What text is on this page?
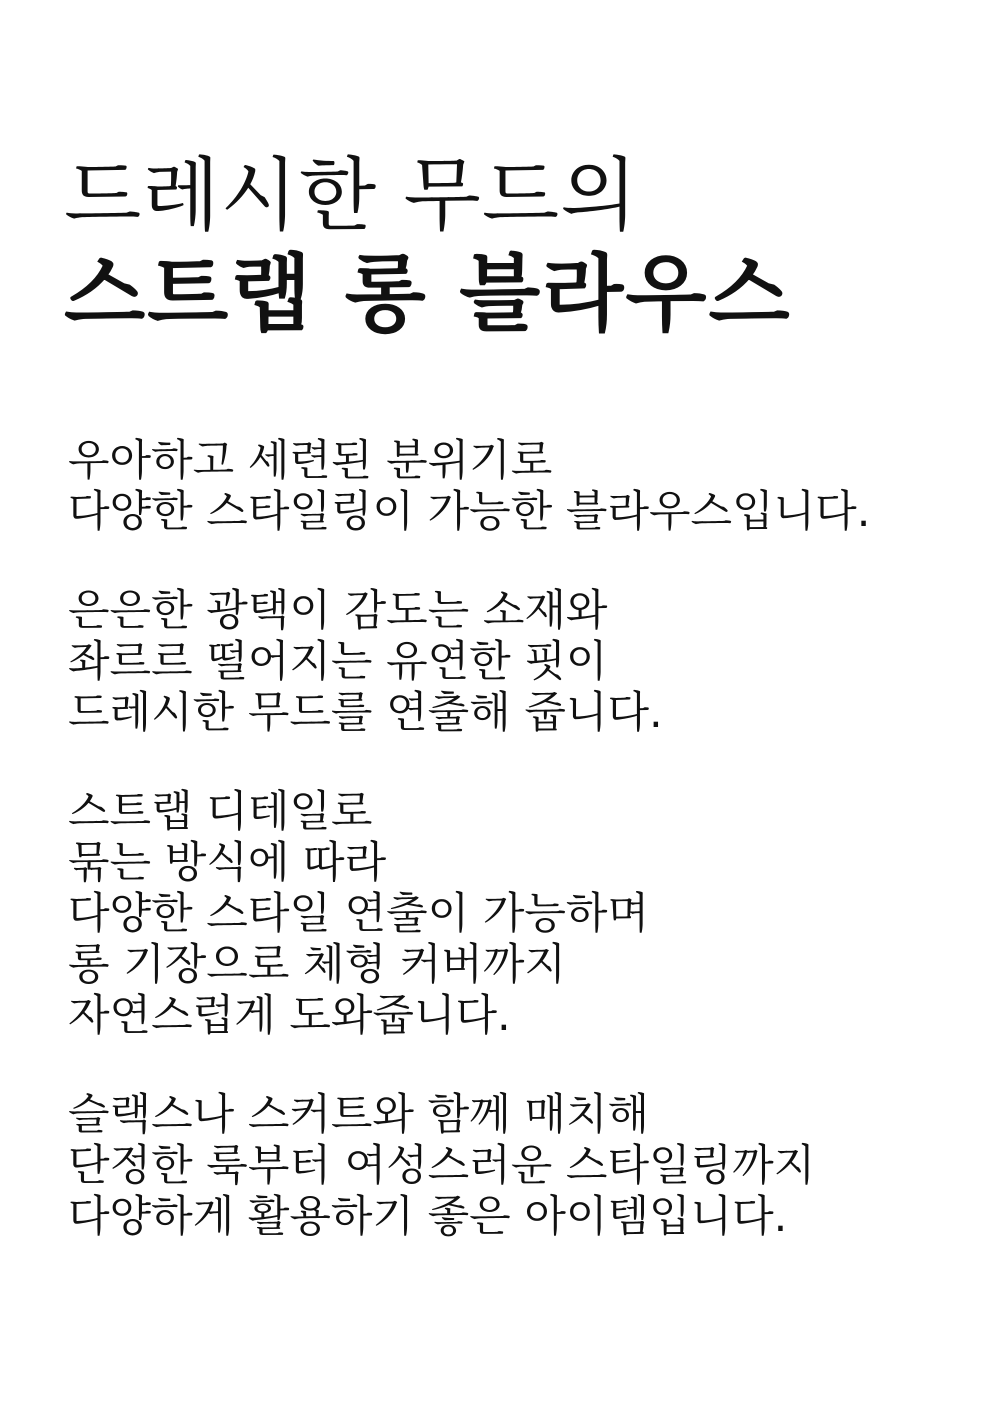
드레시한 무드의
스트랩 롱 블라우스

우아하고 세련된 분위기로
다양한 스타일링이 가능한 블라우스입니다.

은은한 광택이 감도는 소재와
좌르르 떨어지는 유연한 핏이
드레시한 무드를 연출해 줍니다.

스트랩 디테일로
묶는 방식에 따라
다양한 스타일 연출이 가능하며
롱 기장으로 체형 커버까지
자연스럽게 도와줍니다.

슬랙스나 스커트와 함께 매치해
단정한 룩부터 여성스러운 스타일링까지
다양하게 활용하기 좋은 아이템입니다.
